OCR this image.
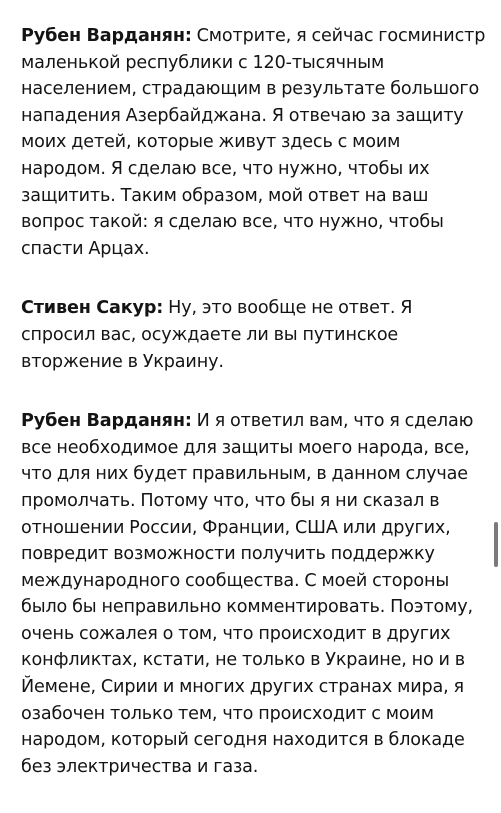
Рубен Варданян: Смотрите, я сейчас госминистр маленькой республики с 120-тысячным населением, страдающим в результате большого нападения Азербайджана. Я отвечаю за защиту моих детей, которые живут здесь с моим народом. Я сделаю все, что нужно, чтобы их защитить. Таким образом, мой ответ на ваш вопрос такой: я сделаю все, что нужно, чтобы спасти Арцах.

Стивен Сакур: Ну, это вообще не ответ. Я спросил вас, осуждаете ли вы путинское вторжение в Украину.

Рубен Варданян: И я ответил вам, что я сделаю все необходимое для защиты моего народа, все, что для них будет правильным, в данном случае промолчать. Потому что, что бы я ни сказал в отношении России, Франции, США или других, повредит возможности получить поддержку международного сообщества. С моей стороны было бы неправильно комментировать. Поэтому, очень сожалея о том, что происходит в других конфликтах, кстати, не только в Украине, но и в Йемене, Сирии и многих других странах мира, я озабочен только тем, что происходит с моим народом, который сегодня находится в блокаде без электричества и газа.
